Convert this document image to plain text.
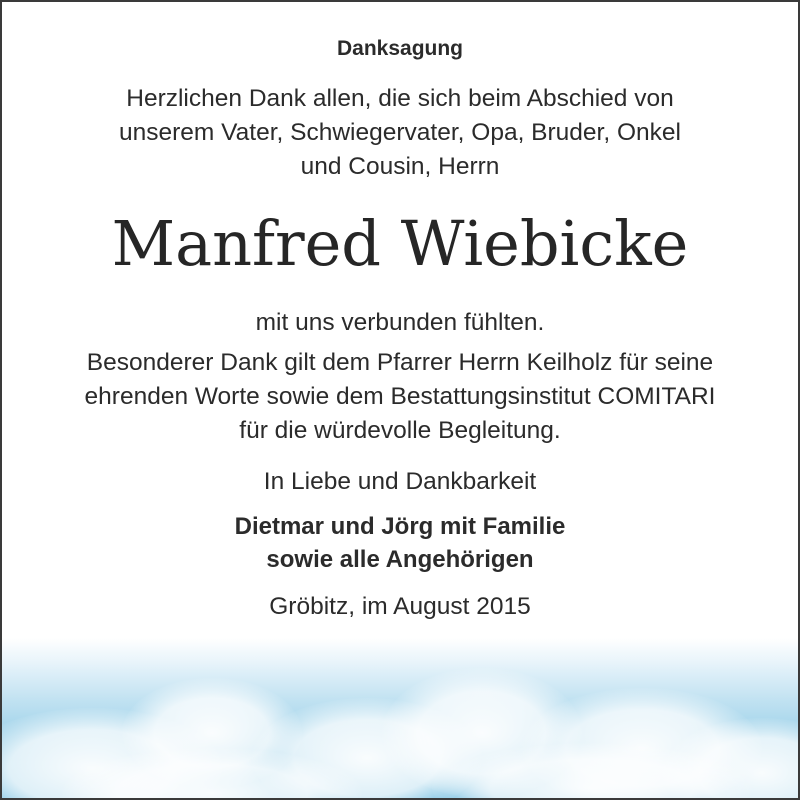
Danksagung
Herzlichen Dank allen, die sich beim Abschied von
unserem Vater, Schwiegervater, Opa, Bruder, Onkel
und Cousin, Herrn
Manfred Wiebicke
mit uns verbunden fühlten.
Besonderer Dank gilt dem Pfarrer Herrn Keilholz für seine
ehrenden Worte sowie dem Bestattungsinstitut COMITARI
für die würdevolle Begleitung.
In Liebe und Dankbarkeit
Dietmar und Jörg mit Familie
sowie alle Angehörigen
Gröbitz, im August 2015
